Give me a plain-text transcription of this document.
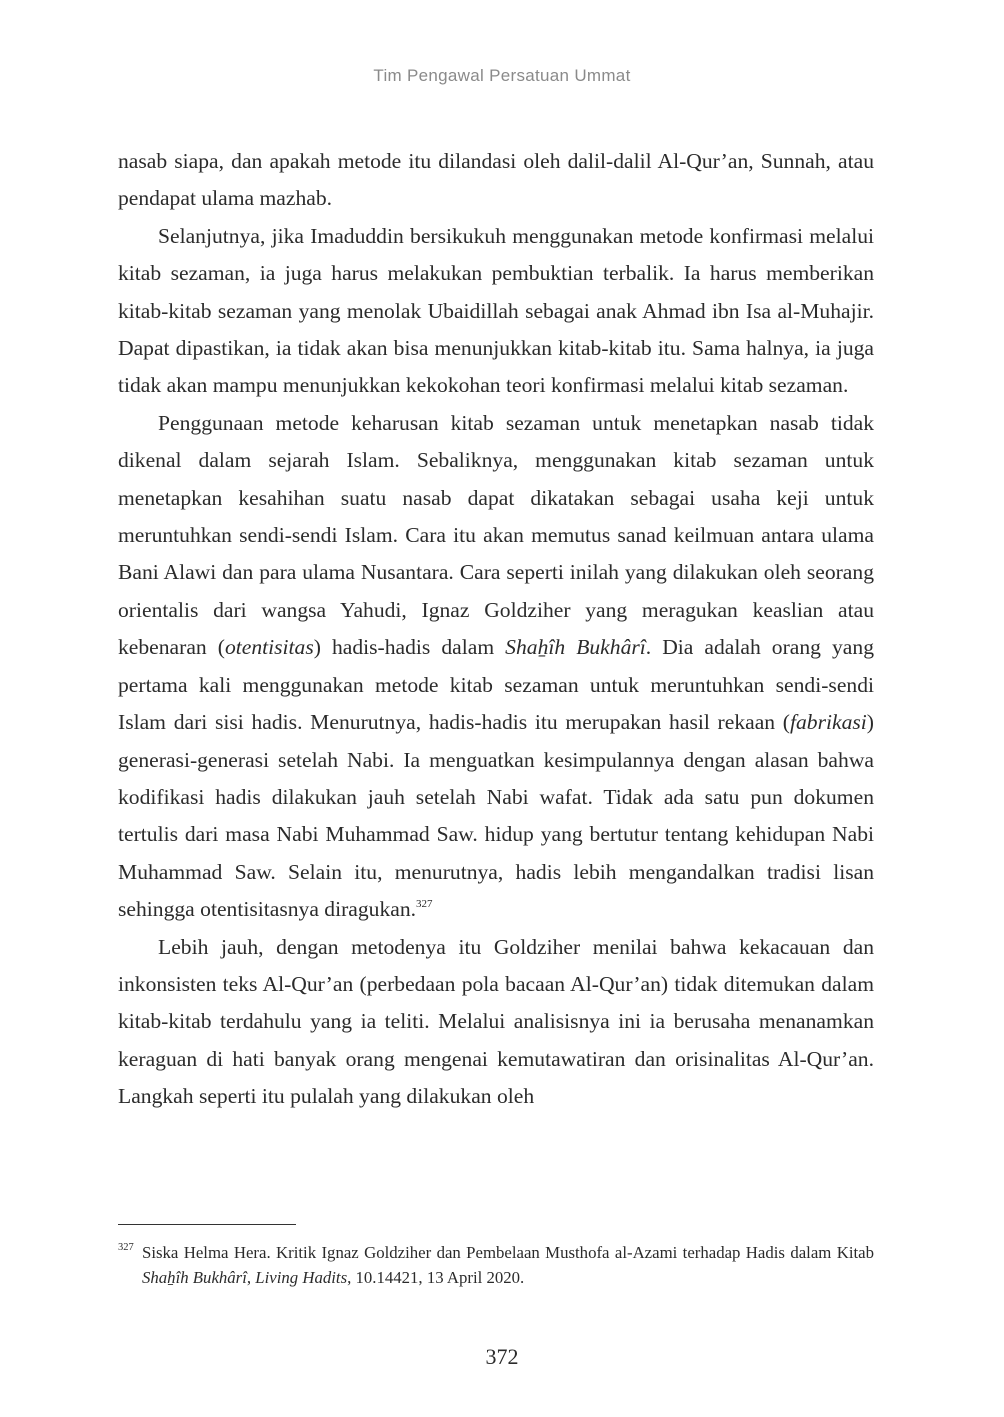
Tim Pengawal Persatuan Ummat

nasab siapa, dan apakah metode itu dilandasi oleh dalil-dalil Al-Qur’an, Sunnah, atau pendapat ulama mazhab.

Selanjutnya, jika Imaduddin bersikukuh menggunakan metode konfirmasi melalui kitab sezaman, ia juga harus melakukan pembuktian terbalik. Ia harus memberikan kitab-kitab sezaman yang menolak Ubaidillah sebagai anak Ahmad ibn Isa al-Muhajir. Dapat dipastikan, ia tidak akan bisa menunjukkan kitab-kitab itu. Sama halnya, ia juga tidak akan mampu menunjukkan kekokohan teori konfirmasi melalui kitab sezaman.

Penggunaan metode keharusan kitab sezaman untuk menetapkan nasab tidak dikenal dalam sejarah Islam. Sebaliknya, menggunakan kitab sezaman untuk menetapkan kesahihan suatu nasab dapat dikatakan sebagai usaha keji untuk meruntuhkan sendi-sendi Islam. Cara itu akan memutus sanad keilmuan antara ulama Bani Alawi dan para ulama Nusantara. Cara seperti inilah yang dilakukan oleh seorang orientalis dari wangsa Yahudi, Ignaz Goldziher yang meragukan keaslian atau kebenaran (otentisitas) hadis-hadis dalam Shaẖîh Bukhârî. Dia adalah orang yang pertama kali menggunakan metode kitab sezaman untuk meruntuhkan sendi-sendi Islam dari sisi hadis. Menurutnya, hadis-hadis itu merupakan hasil rekaan (fabrikasi) generasi-generasi setelah Nabi. Ia menguatkan kesimpulannya dengan alasan bahwa kodifikasi hadis dilakukan jauh setelah Nabi wafat. Tidak ada satu pun dokumen tertulis dari masa Nabi Muhammad Saw. hidup yang bertutur tentang kehidupan Nabi Muhammad Saw. Selain itu, menurutnya, hadis lebih mengandalkan tradisi lisan sehingga otentisitasnya diragukan.$^{327}$

Lebih jauh, dengan metodenya itu Goldziher menilai bahwa kekacauan dan inkonsisten teks Al-Qur’an (perbedaan pola bacaan Al-Qur’an) tidak ditemukan dalam kitab-kitab terdahulu yang ia teliti. Melalui analisisnya ini ia berusaha menanamkan keraguan di hati banyak orang mengenai kemutawatiran dan orisinalitas Al-Qur’an. Langkah seperti itu pulalah yang dilakukan oleh

327 Siska Helma Hera. Kritik Ignaz Goldziher dan Pembelaan Musthofa al-Azami terhadap Hadis dalam Kitab Shaẖîh Bukhârî, Living Hadits, 10.14421, 13 April 2020.
372
